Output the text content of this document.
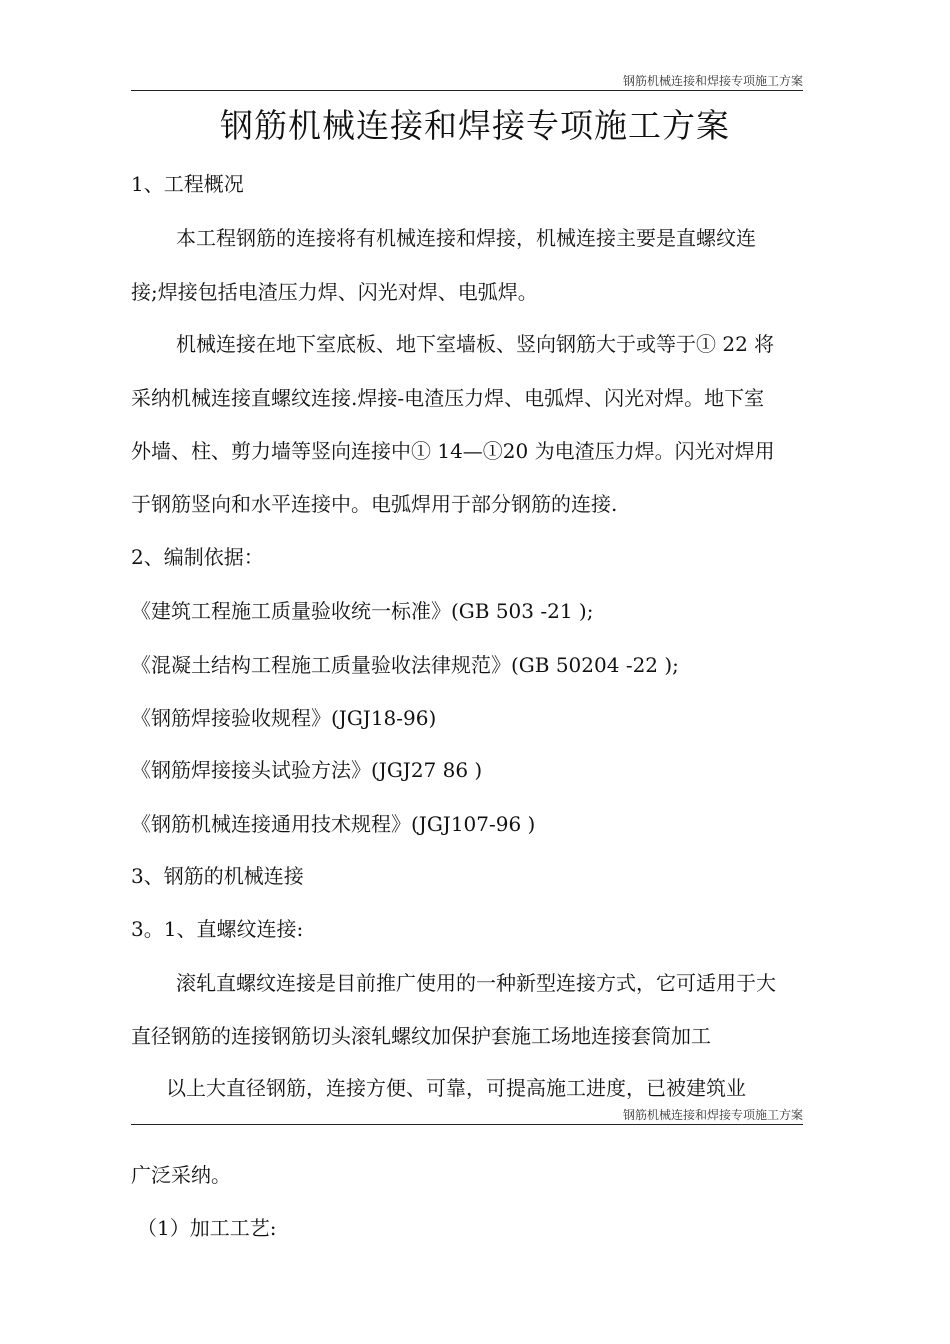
钢筋机械连接和焊接专项施工方案
钢筋机械连接和焊接专项施工方案
1、工程概况
本工程钢筋的连接将有机械连接和焊接，机械连接主要是直螺纹连
接;焊接包括电渣压力焊、闪光对焊、电弧焊。
机械连接在地下室底板、地下室墙板、竖向钢筋大于或等于① 22 将
采纳机械连接直螺纹连接.焊接-电渣压力焊、电弧焊、闪光对焊。地下室
外墙、柱、剪力墙等竖向连接中① 14—①20 为电渣压力焊。闪光对焊用
于钢筋竖向和水平连接中。电弧焊用于部分钢筋的连接.
2、编制依据：
《建筑工程施工质量验收统一标准》(GB 503 -21 );
《混凝土结构工程施工质量验收法律规范》(GB 50204 -22 );
《钢筋焊接验收规程》(JGJ18-96)
《钢筋焊接接头试验方法》(JGJ27 86 )
《钢筋机械连接通用技术规程》(JGJ107-96 )
3、钢筋的机械连接
3。1、直螺纹连接:
滚轧直螺纹连接是目前推广使用的一种新型连接方式，它可适用于大
直径钢筋的连接钢筋切头滚轧螺纹加保护套施工场地连接套筒加工
以上大直径钢筋，连接方便、可靠，可提高施工进度，已被建筑业
钢筋机械连接和焊接专项施工方案
广泛采纳。
（1）加工工艺:
